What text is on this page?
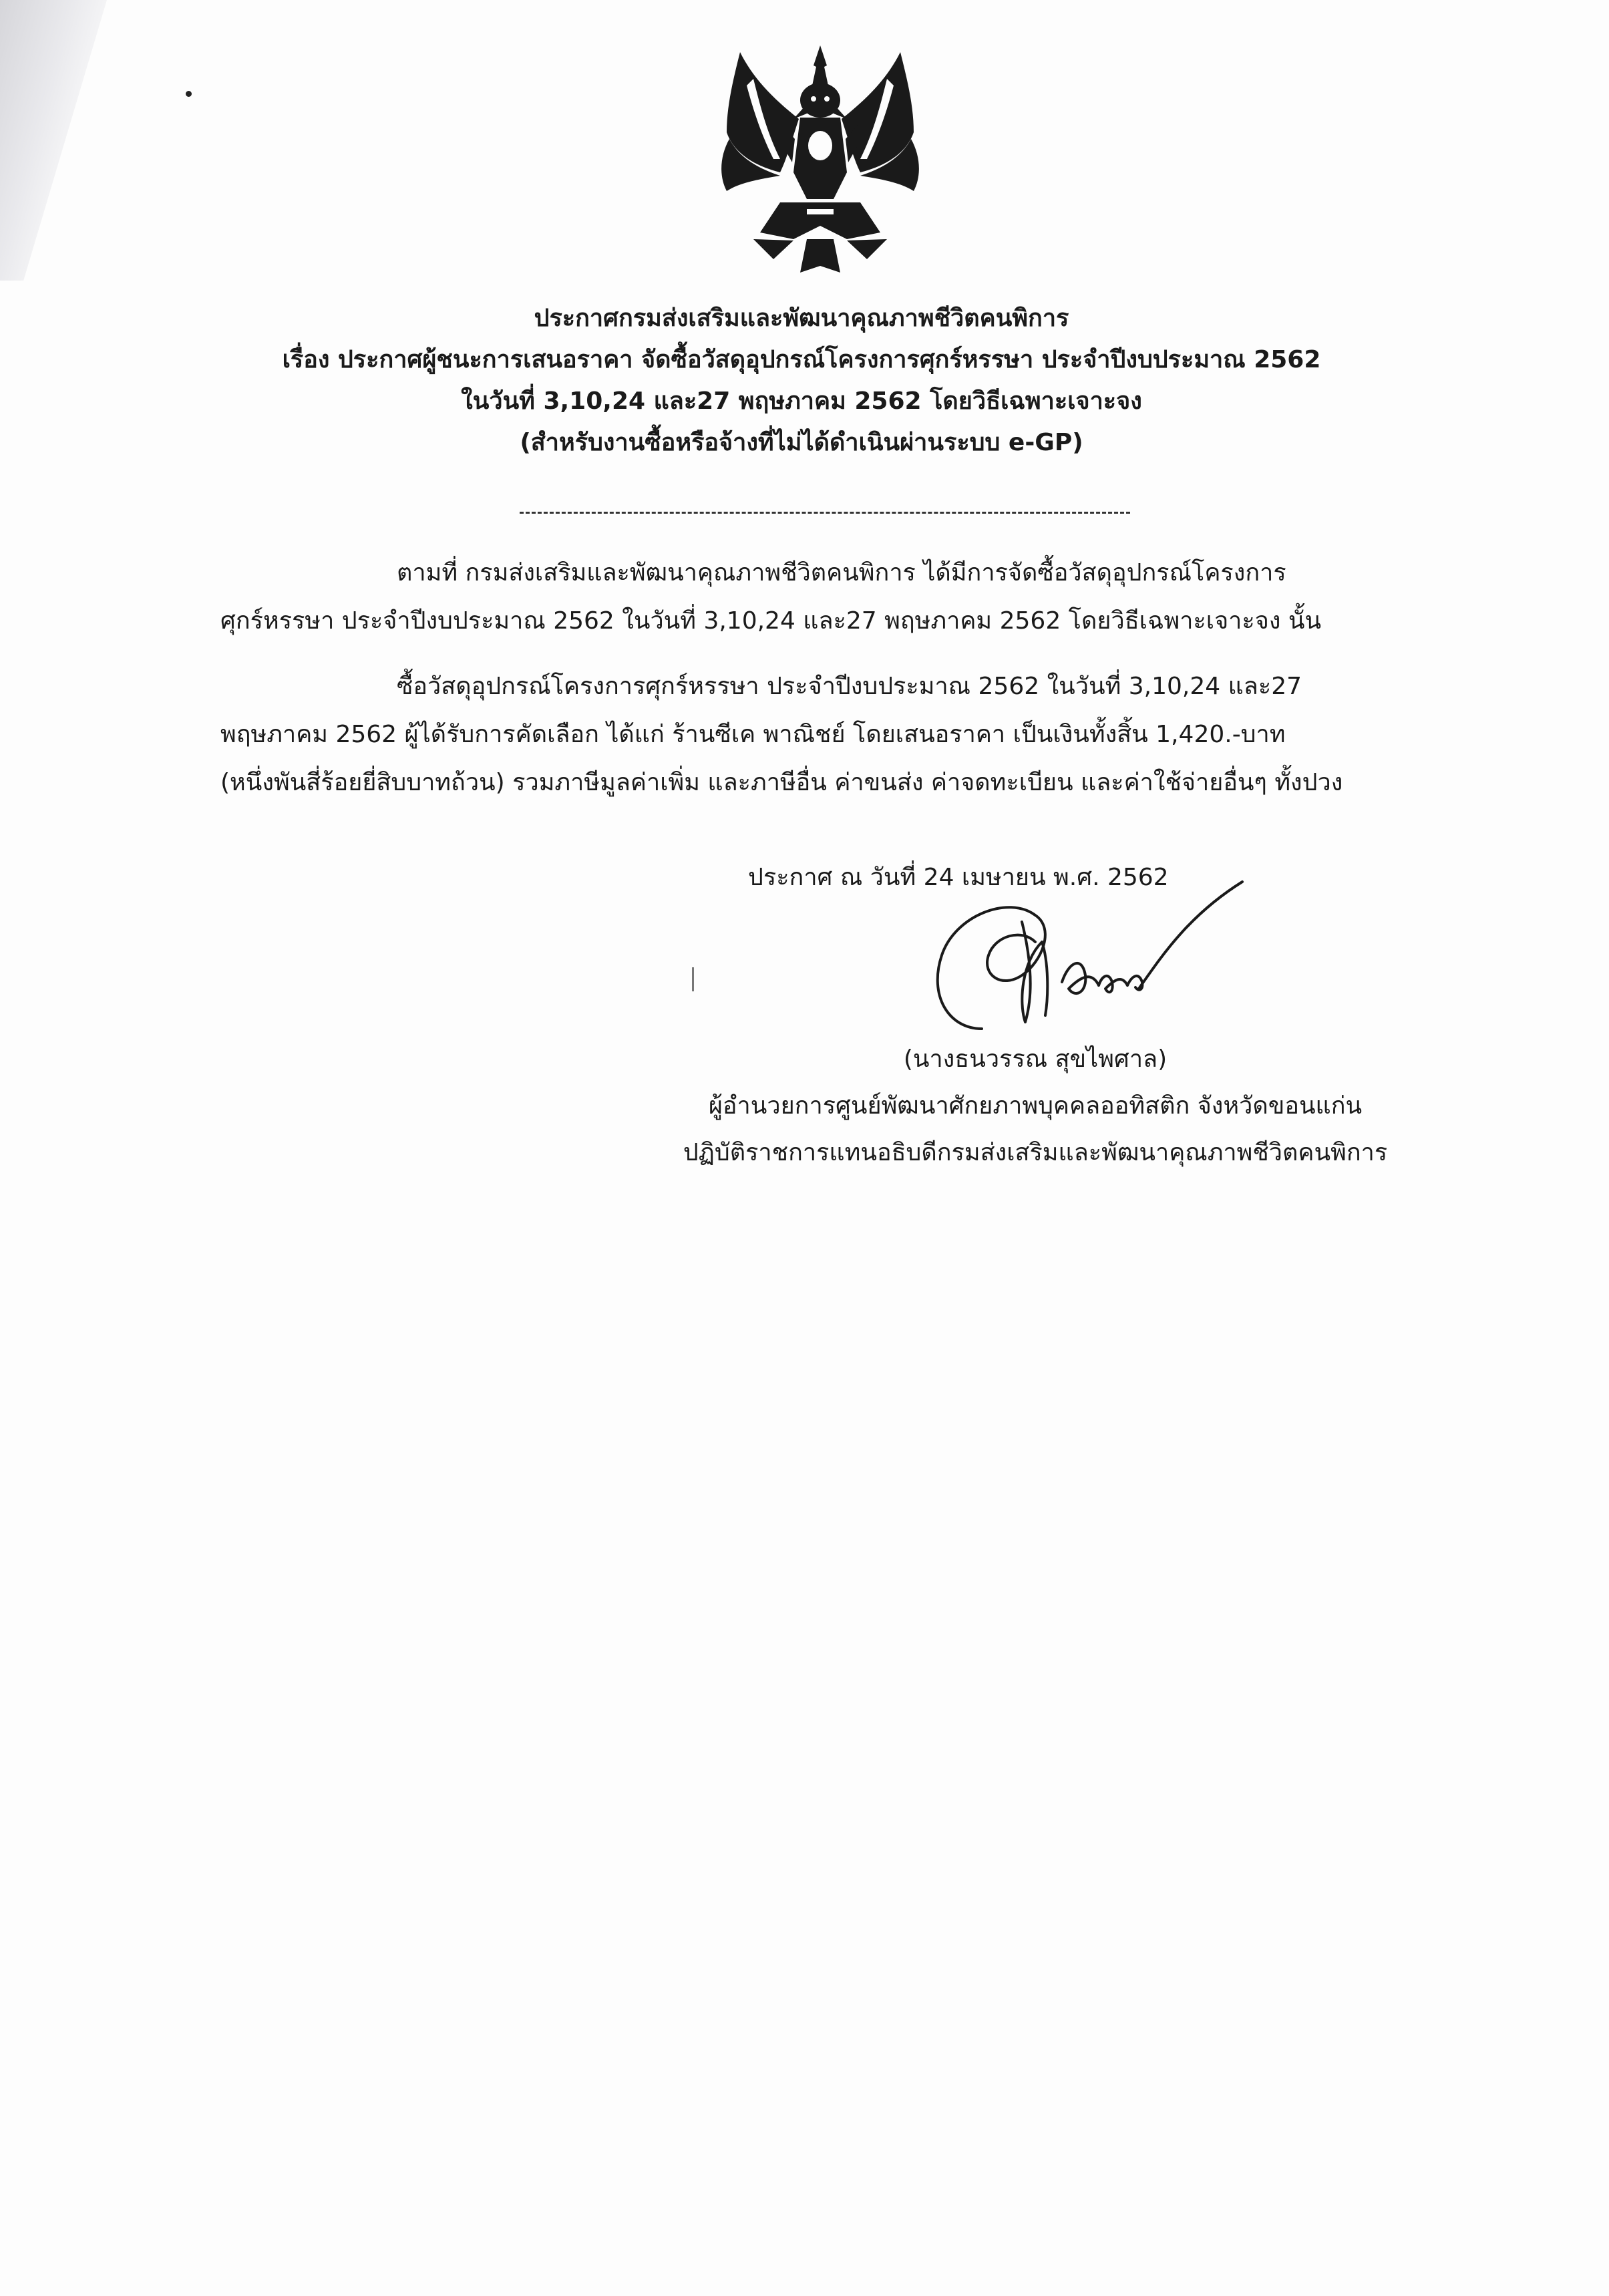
ประกาศกรมส่งเสริมและพัฒนาคุณภาพชีวิตคนพิการ
เรื่อง ประกาศผู้ชนะการเสนอราคา จัดซื้อวัสดุอุปกรณ์โครงการศุกร์หรรษา ประจำปีงบประมาณ 2562
ในวันที่ 3,10,24 และ27 พฤษภาคม 2562 โดยวิธีเฉพาะเจาะจง
(สำหรับงานซื้อหรือจ้างที่ไม่ได้ดำเนินผ่านระบบ e-GP)
ตามที่ กรมส่งเสริมและพัฒนาคุณภาพชีวิตคนพิการ ได้มีการจัดซื้อวัสดุอุปกรณ์โครงการ
ศุกร์หรรษา ประจำปีงบประมาณ 2562 ในวันที่ 3,10,24 และ27 พฤษภาคม 2562 โดยวิธีเฉพาะเจาะจง นั้น
ซื้อวัสดุอุปกรณ์โครงการศุกร์หรรษา ประจำปีงบประมาณ 2562 ในวันที่ 3,10,24 และ27
พฤษภาคม 2562 ผู้ได้รับการคัดเลือก ได้แก่ ร้านซีเค พาณิชย์ โดยเสนอราคา เป็นเงินทั้งสิ้น 1,420.-บาท
(หนึ่งพันสี่ร้อยยี่สิบบาทถ้วน) รวมภาษีมูลค่าเพิ่ม และภาษีอื่น ค่าขนส่ง ค่าจดทะเบียน และค่าใช้จ่ายอื่นๆ ทั้งปวง
ประกาศ ณ วันที่ 24 เมษายน พ.ศ. 2562
(นางธนวรรณ สุขไพศาล)
ผู้อำนวยการศูนย์พัฒนาศักยภาพบุคคลออทิสติก จังหวัดขอนแก่น
ปฏิบัติราชการแทนอธิบดีกรมส่งเสริมและพัฒนาคุณภาพชีวิตคนพิการ
